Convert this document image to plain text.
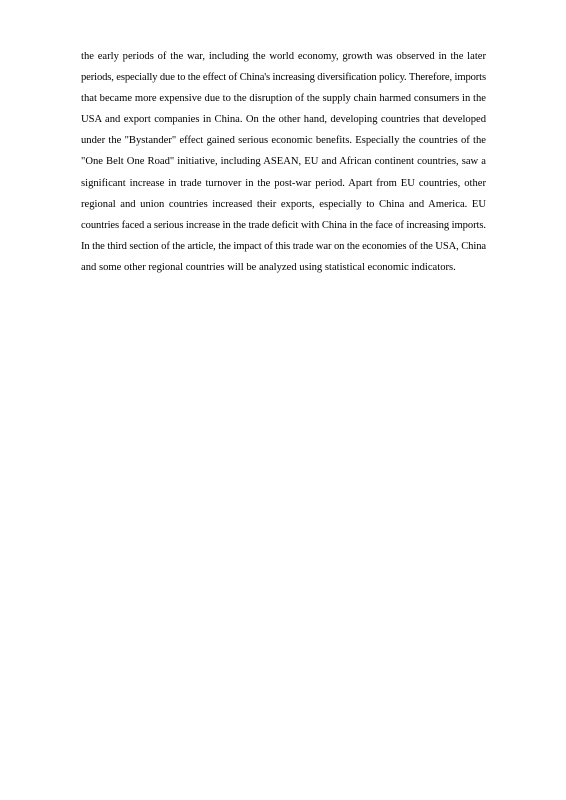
the early periods of the war, including the world economy, growth was observed in the later
periods, especially due to the effect of China's increasing diversification policy. Therefore, imports
that became more expensive due to the disruption of the supply chain harmed consumers in the
USA and export companies in China. On the other hand, developing countries that developed
under the "Bystander" effect gained serious economic benefits. Especially the countries of the
"One Belt One Road" initiative, including ASEAN, EU and African continent countries, saw a
significant increase in trade turnover in the post-war period. Apart from EU countries, other
regional and union countries increased their exports, especially to China and America. EU
countries faced a serious increase in the trade deficit with China in the face of increasing imports.
In the third section of the article, the impact of this trade war on the economies of the USA, China
and some other regional countries will be analyzed using statistical economic indicators.
